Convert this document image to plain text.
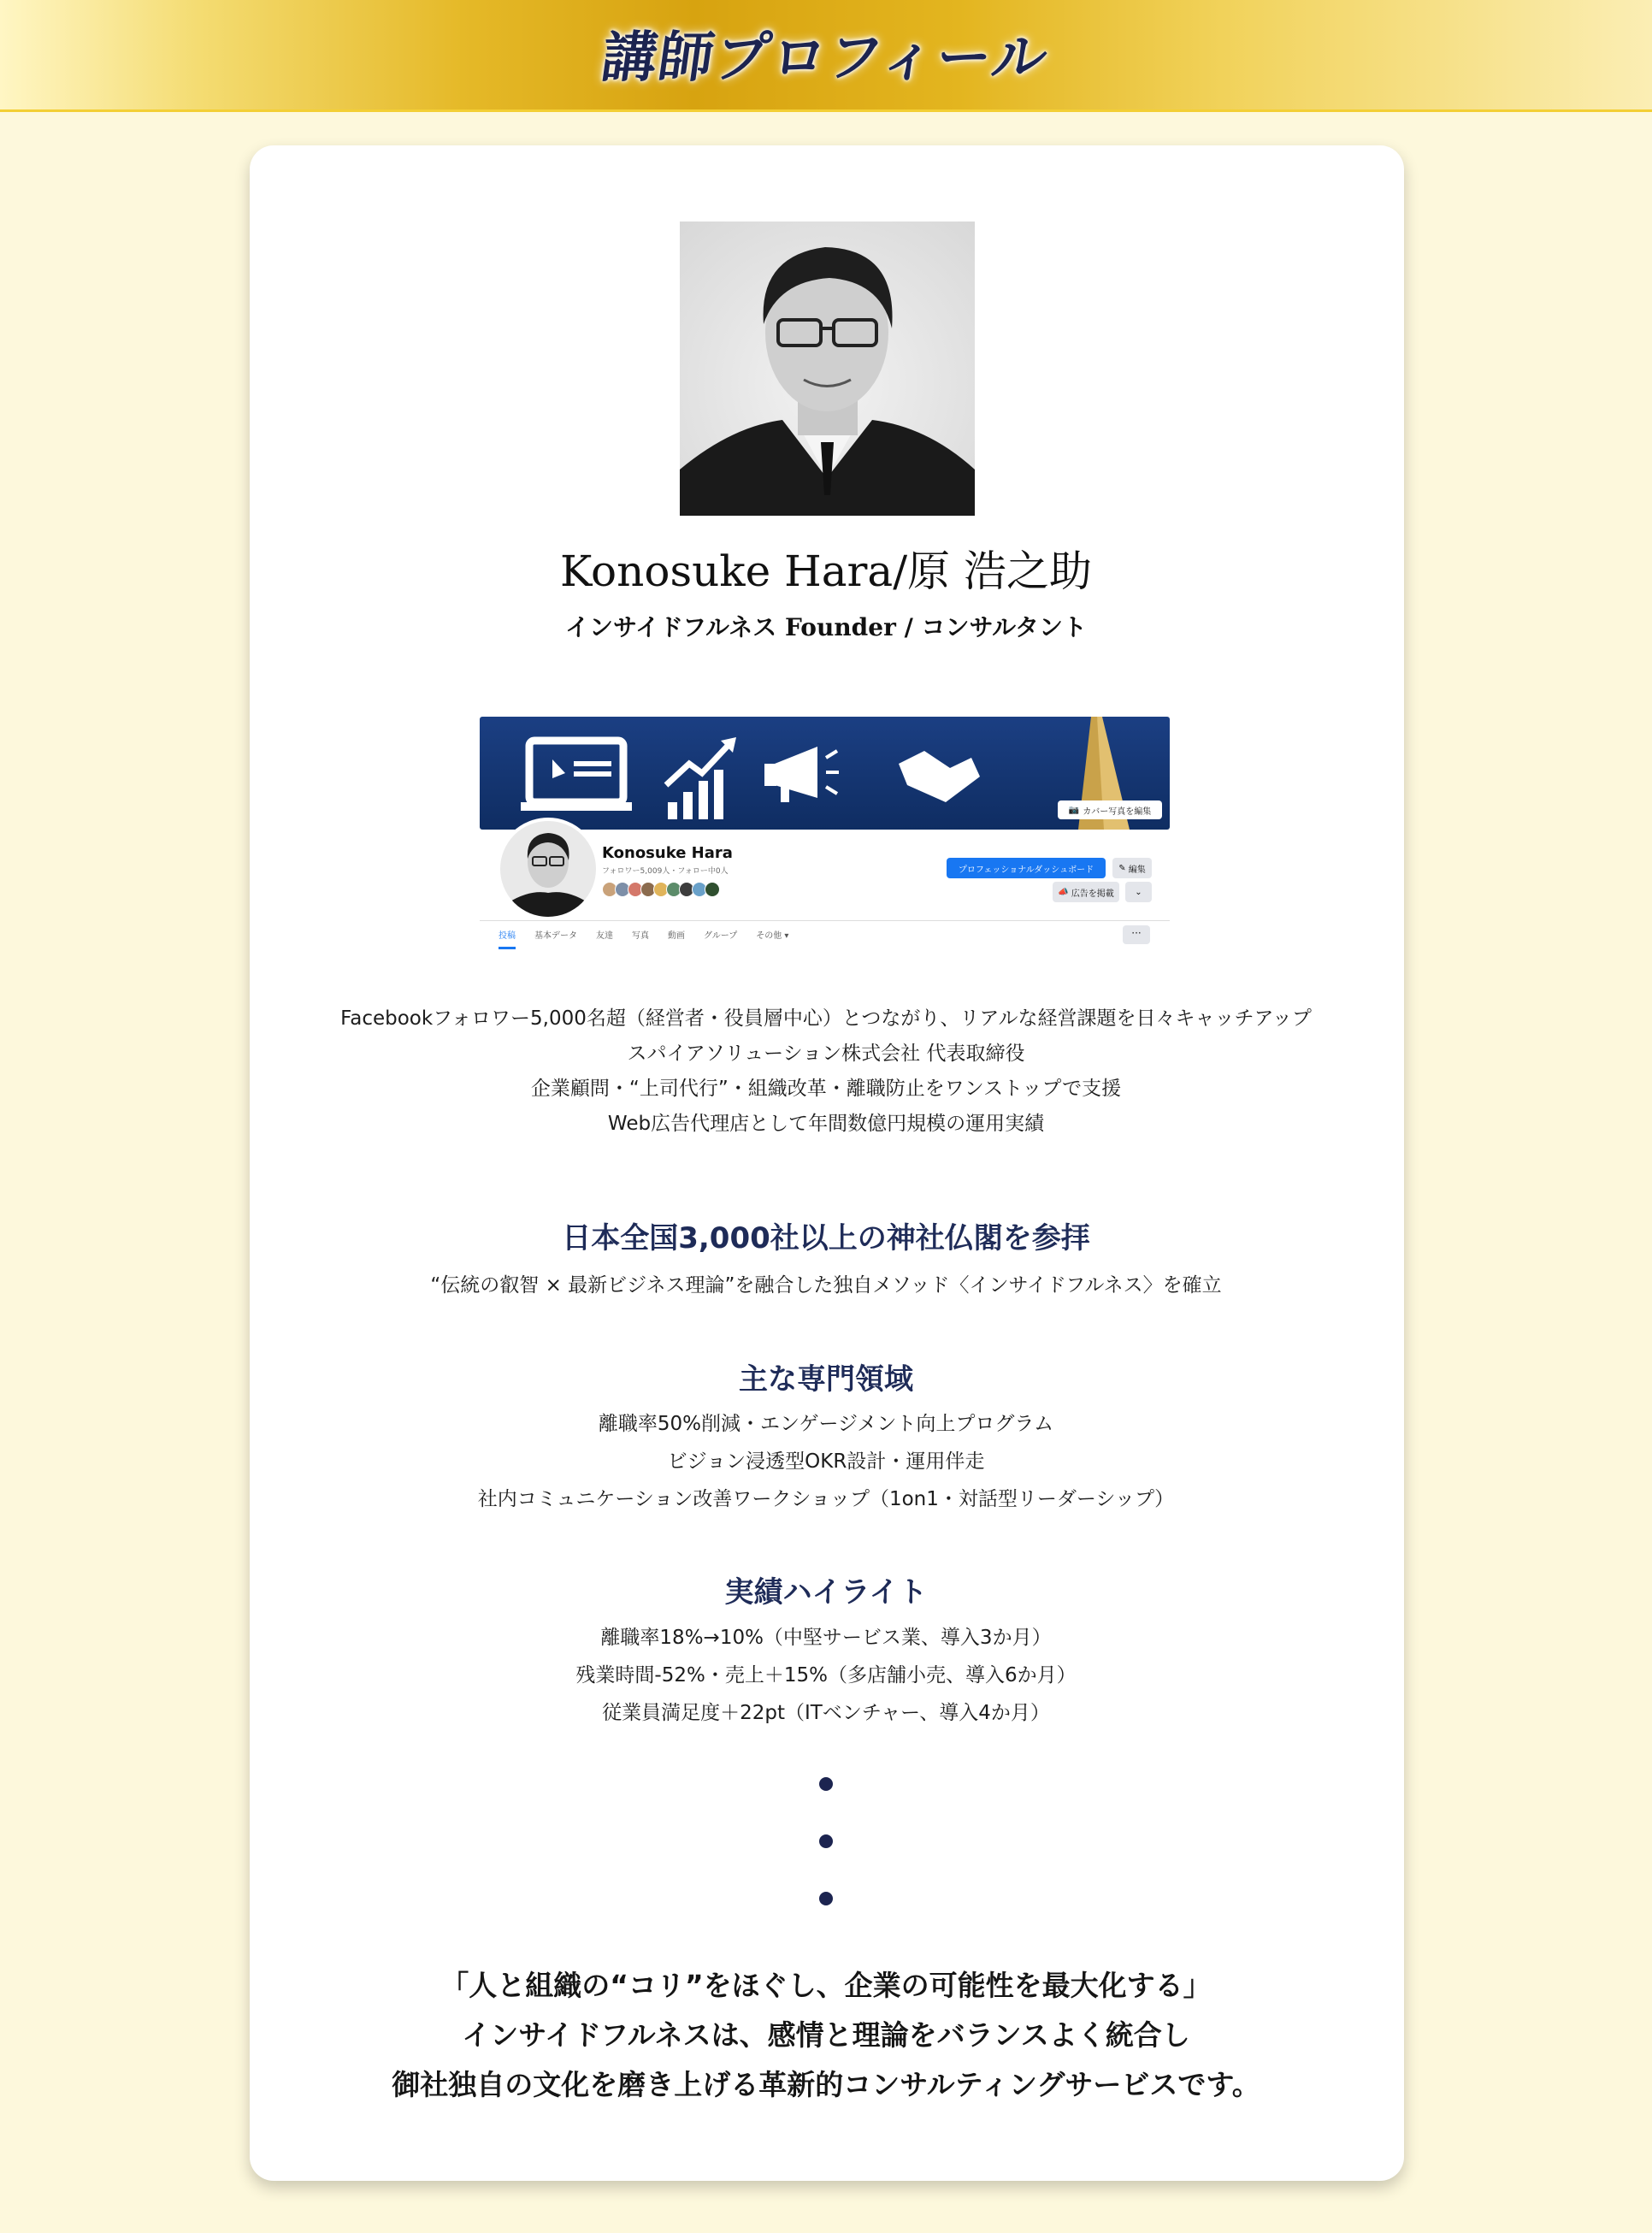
講師プロフィール
Konosuke Hara/原 浩之助
インサイドフルネス Founder / コンサルタント
📷 カバー写真を編集
Konosuke Hara
フォロワー5,009人・フォロー中0人	プロフェッショナルダッシュボード	✎
編集
📣
広告を掲載	⌄
投稿 基本データ 友達 写真 動画 グループ その他 ▾	···
Facebookフォロワー5,000名超（経営者・役員層中心）とつながり、リアルな経営課題を日々キャッチアップ
スパイアソリューション株式会社 代表取締役
企業顧問・“上司代行”・組織改革・離職防止をワンストップで支援
Web広告代理店として年間数億円規模の運用実績
日本全国3,000社以上の神社仏閣を参拝
“伝統の叡智 × 最新ビジネス理論”を融合した独自メソッド〈インサイドフルネス〉を確立
主な専門領域
離職率50%削減・エンゲージメント向上プログラム
ビジョン浸透型OKR設計・運用伴走
社内コミュニケーション改善ワークショップ（1on1・対話型リーダーシップ）
実績ハイライト
離職率18%→10%（中堅サービス業、導入3か月）
残業時間-52%・売上＋15%（多店舗小売、導入6か月）
従業員満足度＋22pt（ITベンチャー、導入4か月）
「人と組織の“コリ”をほぐし、企業の可能性を最大化する」
インサイドフルネスは、感情と理論をバランスよく統合し
御社独自の文化を磨き上げる革新的コンサルティングサービスです。
